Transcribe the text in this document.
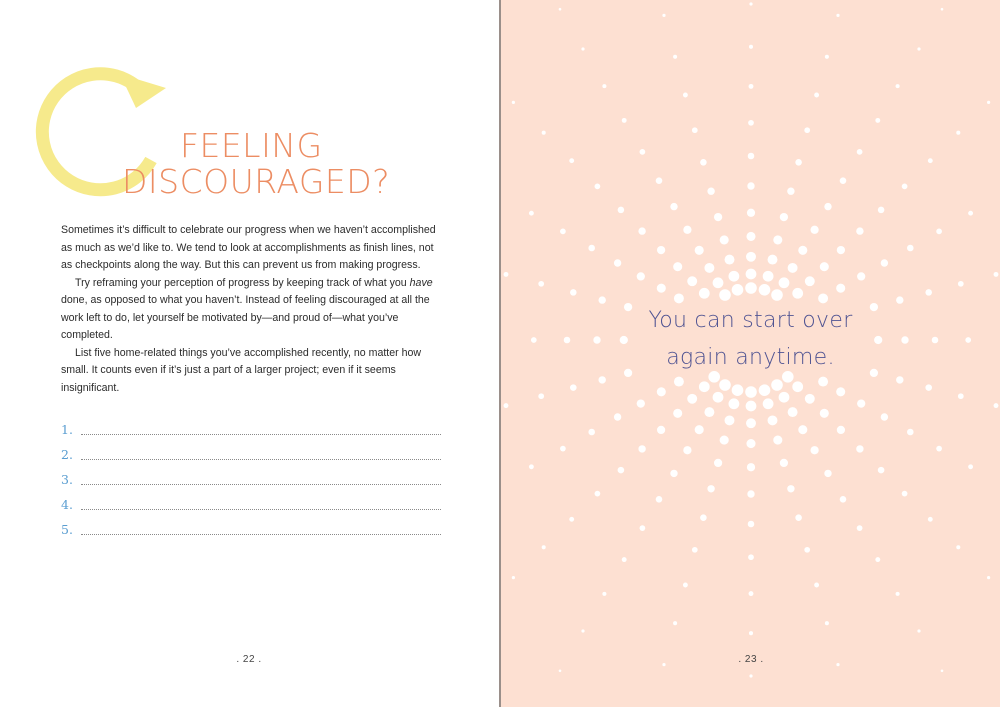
FEELING
DISCOURAGED?

Sometimes it’s difficult to celebrate our progress when we haven’t accomplished as much as we’d like to. We tend to look at accomplishments as finish lines, not as checkpoints along the way. But this can prevent us from making progress.

Try reframing your perception of progress by keeping track of what you have done, as opposed to what you haven’t. Instead of feeling discouraged at all the work left to do, let yourself be motivated by—and proud of—what you’ve completed.

List five home-related things you’ve accomplished recently, no matter how small. It counts even if it’s just a part of a larger project; even if it seems insignificant.

1.
2.
3.
4.
5.
You can start over
again anytime.
. 22 .	. 23 .
